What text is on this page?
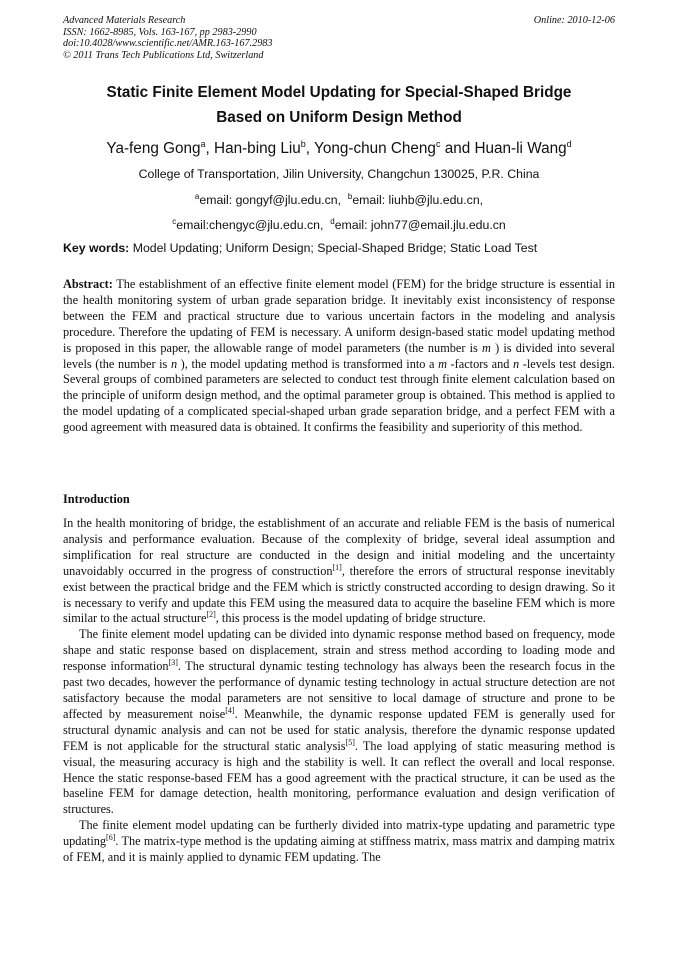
Advanced Materials Research
ISSN: 1662-8985, Vols. 163-167, pp 2983-2990
doi:10.4028/www.scientific.net/AMR.163-167.2983
© 2011 Trans Tech Publications Ltd, Switzerland
Online: 2010-12-06
Static Finite Element Model Updating for Special-Shaped Bridge
Based on Uniform Design Method
Ya-feng Gong$^a$, Han-bing Liu$^b$, Yong-chun Cheng$^c$ and Huan-li Wang$^d$
College of Transportation, Jilin University, Changchun 130025, P.R. China
$^a$email: gongyf@jlu.edu.cn, $^b$email: liuhb@jlu.edu.cn,
$^c$email:chengyc@jlu.edu.cn, $^d$email: john77@email.jlu.edu.cn
Key words: Model Updating; Uniform Design; Special-Shaped Bridge; Static Load Test
Abstract: The establishment of an effective finite element model (FEM) for the bridge structure is essential in the health monitoring system of urban grade separation bridge. It inevitably exist inconsistency of response between the FEM and practical structure due to various uncertain factors in the modeling and analysis procedure. Therefore the updating of FEM is necessary. A uniform design-based static model updating method is proposed in this paper, the allowable range of model parameters (the number is m ) is divided into several levels (the number is n ), the model updating method is transformed into a m -factors and n -levels test design. Several groups of combined parameters are selected to conduct test through finite element calculation based on the principle of uniform design method, and the optimal parameter group is obtained. This method is applied to the model updating of a complicated special-shaped urban grade separation bridge, and a perfect FEM with a good agreement with measured data is obtained. It confirms the feasibility and superiority of this method.
Introduction

In the health monitoring of bridge, the establishment of an accurate and reliable FEM is the basis of numerical analysis and performance evaluation. Because of the complexity of bridge, several ideal assumption and simplification for real structure are conducted in the design and initial modeling and the uncertainty unavoidably occurred in the progress of construction[1], therefore the errors of structural response inevitably exist between the practical bridge and the FEM which is strictly constructed according to design drawing. So it is necessary to verify and update this FEM using the measured data to acquire the baseline FEM which is more similar to the actual structure[2], this process is the model updating of bridge structure.

The finite element model updating can be divided into dynamic response method based on frequency, mode shape and static response based on displacement, strain and stress method according to loading mode and response information[3]. The structural dynamic testing technology has always been the research focus in the past two decades, however the performance of dynamic testing technology in actual structure detection are not satisfactory because the modal parameters are not sensitive to local damage of structure and prone to be affected by measurement noise[4]. Meanwhile, the dynamic response updated FEM is generally used for structural dynamic analysis and can not be used for static analysis, therefore the dynamic response updated FEM is not applicable for the structural static analysis[5]. The load applying of static measuring method is visual, the measuring accuracy is high and the stability is well. It can reflect the overall and local response. Hence the static response-based FEM has a good agreement with the practical structure, it can be used as the baseline FEM for damage detection, health monitoring, performance evaluation and design verification of structures.

The finite element model updating can be furtherly divided into matrix-type updating and parametric type updating[6]. The matrix-type method is the updating aiming at stiffness matrix, mass matrix and damping matrix of FEM, and it is mainly applied to dynamic FEM updating. The
